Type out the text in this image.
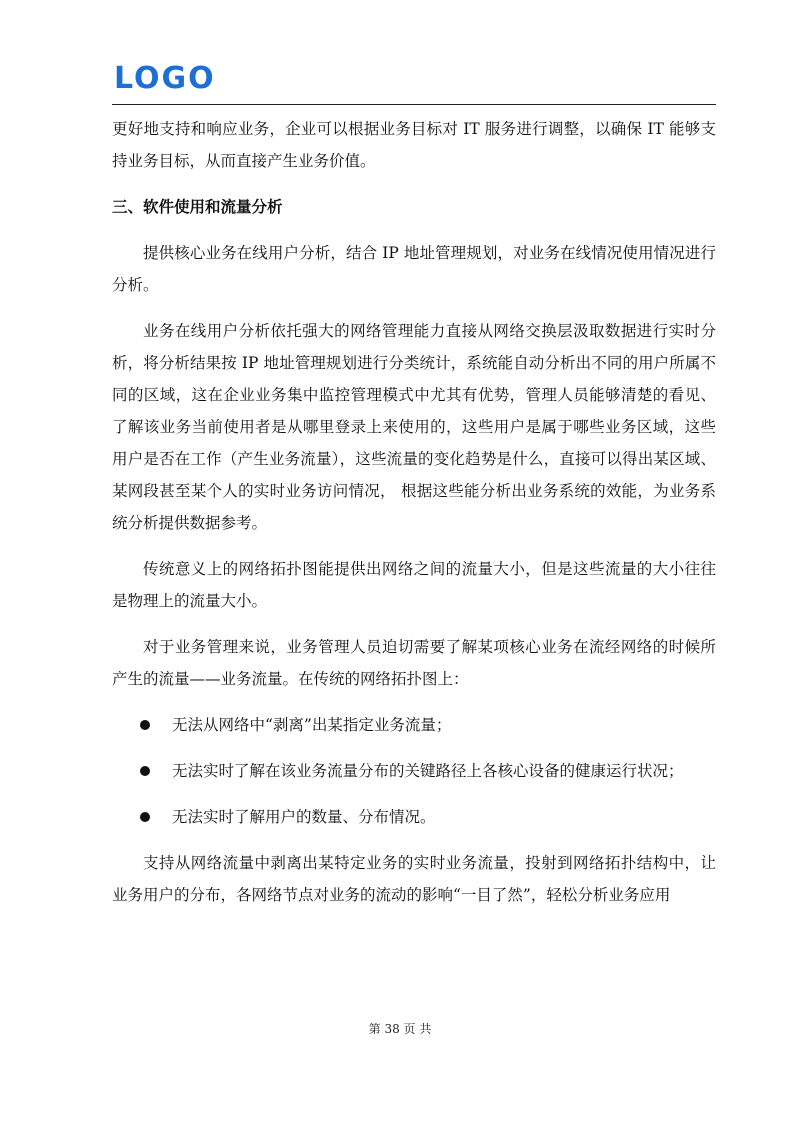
LOGO

更好地支持和响应业务，企业可以根据业务目标对 IT 服务进行调整，以确保 IT 能够支持业务目标，从而直接产生业务价值。

三、软件使用和流量分析

提供核心业务在线用户分析，结合 IP 地址管理规划，对业务在线情况使用情况进行分析。

业务在线用户分析依托强大的网络管理能力直接从网络交换层汲取数据进行实时分析，将分析结果按 IP 地址管理规划进行分类统计，系统能自动分析出不同的用户所属不同的区域，这在企业业务集中监控管理模式中尤其有优势，管理人员能够清楚的看见、了解该业务当前使用者是从哪里登录上来使用的，这些用户是属于哪些业务区域，这些用户是否在工作（产生业务流量），这些流量的变化趋势是什么，直接可以得出某区域、某网段甚至某个人的实时业务访问情况， 根据这些能分析出业务系统的效能，为业务系统分析提供数据参考。

传统意义上的网络拓扑图能提供出网络之间的流量大小，但是这些流量的大小往往是物理上的流量大小。

对于业务管理来说，业务管理人员迫切需要了解某项核心业务在流经网络的时候所产生的流量——业务流量。在传统的网络拓扑图上：

无法从网络中“剥离”出某指定业务流量；
无法实时了解在该业务流量分布的关键路径上各核心设备的健康运行状况；
无法实时了解用户的数量、分布情况。

支持从网络流量中剥离出某特定业务的实时业务流量，投射到网络拓扑结构中，让业务用户的分布，各网络节点对业务的流动的影响“一目了然”，轻松分析业务应用

第 38 页 共
